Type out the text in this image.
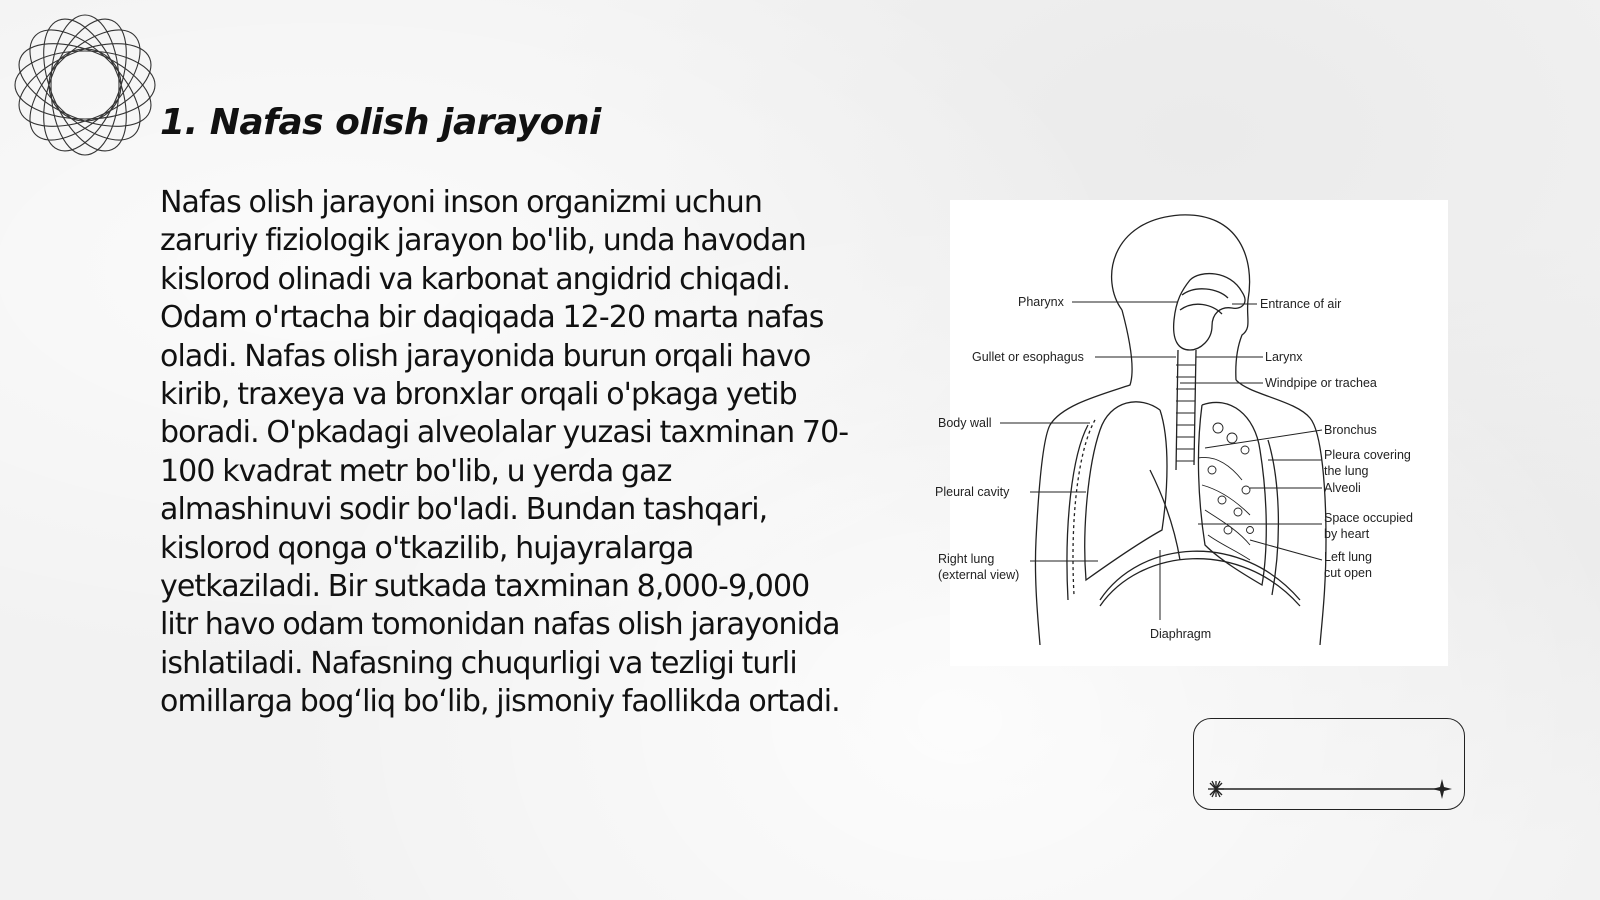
1. Nafas olish jarayoni

Nafas olish jarayoni inson organizmi uchun zaruriy fiziologik jarayon bo'lib, unda havodan kislorod olinadi va karbonat angidrid chiqadi. Odam o'rtacha bir daqiqada 12-20 marta nafas oladi. Nafas olish jarayonida burun orqali havo kirib, traxeya va bronxlar orqali o'pkaga yetib boradi. O'pkadagi alveolalar yuzasi taxminan 70-100 kvadrat metr bo'lib, u yerda gaz almashinuvi sodir bo'ladi. Bundan tashqari, kislorod qonga o'tkazilib, hujayralarga yetkaziladi. Bir sutkada taxminan 8,000-9,000 litr havo odam tomonidan nafas olish jarayonida ishlatiladi. Nafasning chuqurligi va tezligi turli omillarga bog‘liq bo‘lib, jismoniy faollikda ortadi.

Pharynx
Gullet or esophagus
Body wall
Pleural cavity
Right lung
(external view)
Entrance of air
Larynx
Windpipe or trachea
Bronchus
Pleura covering
the lung
Alveoli
Space occupied
by heart
Left lung
cut open
Diaphragm
